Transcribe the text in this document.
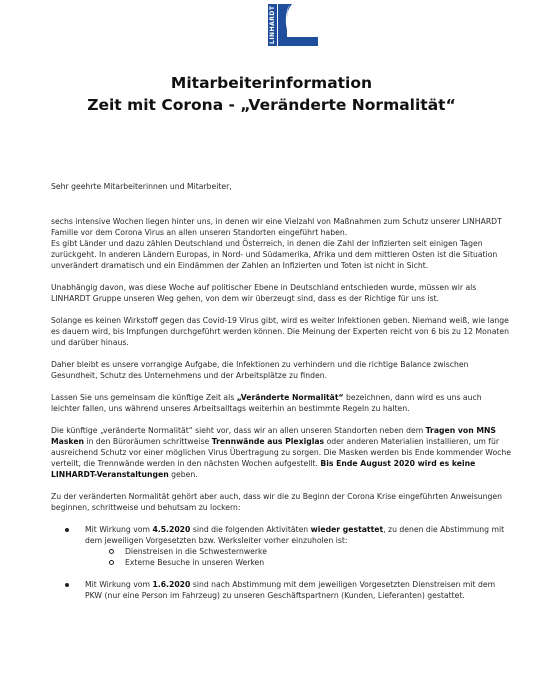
LINHARDT
Mitarbeiterinformation
Zeit mit Corona - „Veränderte Normalität“

Sehr geehrte Mitarbeiterinnen und Mitarbeiter,

sechs intensive Wochen liegen hinter uns, in denen wir eine Vielzahl von Maßnahmen zum Schutz unserer LINHARDT Familie vor dem Corona Virus an allen unseren Standorten eingeführt haben.

Es gibt Länder und dazu zählen Deutschland und Österreich, in denen die Zahl der Infizierten seit einigen Tagen zurückgeht. In anderen Ländern Europas, in Nord- und Südamerika, Afrika und dem mittleren Osten ist die Situation unverändert dramatisch und ein Eindämmen der Zahlen an Infizierten und Toten ist nicht in Sicht.

Unabhängig davon, was diese Woche auf politischer Ebene in Deutschland entschieden wurde, müssen wir als LINHARDT Gruppe unseren Weg gehen, von dem wir überzeugt sind, dass es der Richtige für uns ist.

Solange es keinen Wirkstoff gegen das Covid-19 Virus gibt, wird es weiter Infektionen geben. Niemand weiß, wie lange es dauern wird, bis Impfungen durchgeführt werden können. Die Meinung der Experten reicht von 6 bis zu 12 Monaten und darüber hinaus.

Daher bleibt es unsere vorrangige Aufgabe, die Infektionen zu verhindern und die richtige Balance zwischen Gesundheit, Schutz des Unternehmens und der Arbeitsplätze zu finden.

Lassen Sie uns gemeinsam die künftige Zeit als „Veränderte Normalität“ bezeichnen, dann wird es uns auch leichter fallen, uns während unseres Arbeitsalltags weiterhin an bestimmte Regeln zu halten.

Die künftige „veränderte Normalität“ sieht vor, dass wir an allen unseren Standorten neben dem Tragen von MNS Masken in den Büroräumen schrittweise Trennwände aus Plexiglas oder anderen Materialien installieren, um für ausreichend Schutz vor einer möglichen Virus Übertragung zu sorgen. Die Masken werden bis Ende kommender Woche verteilt, die Trennwände werden in den nächsten Wochen aufgestellt. Bis Ende August 2020 wird es keine LINHARDT-Veranstaltungen geben.

Zu der veränderten Normalität gehört aber auch, dass wir die zu Beginn der Corona Krise eingeführten Anweisungen beginnen, schrittweise und behutsam zu lockern:

Mit Wirkung vom 4.5.2020 sind die folgenden Aktivitäten wieder gestattet, zu denen die Abstimmung mit dem jeweiligen Vorgesetzten bzw. Werksleiter vorher einzuholen ist:
Dienstreisen in die Schwesternwerke
Externe Besuche in unseren Werken
Mit Wirkung vom 1.6.2020 sind nach Abstimmung mit dem jeweiligen Vorgesetzten Dienstreisen mit dem PKW (nur eine Person im Fahrzeug) zu unseren Geschäftspartnern (Kunden, Lieferanten) gestattet.
